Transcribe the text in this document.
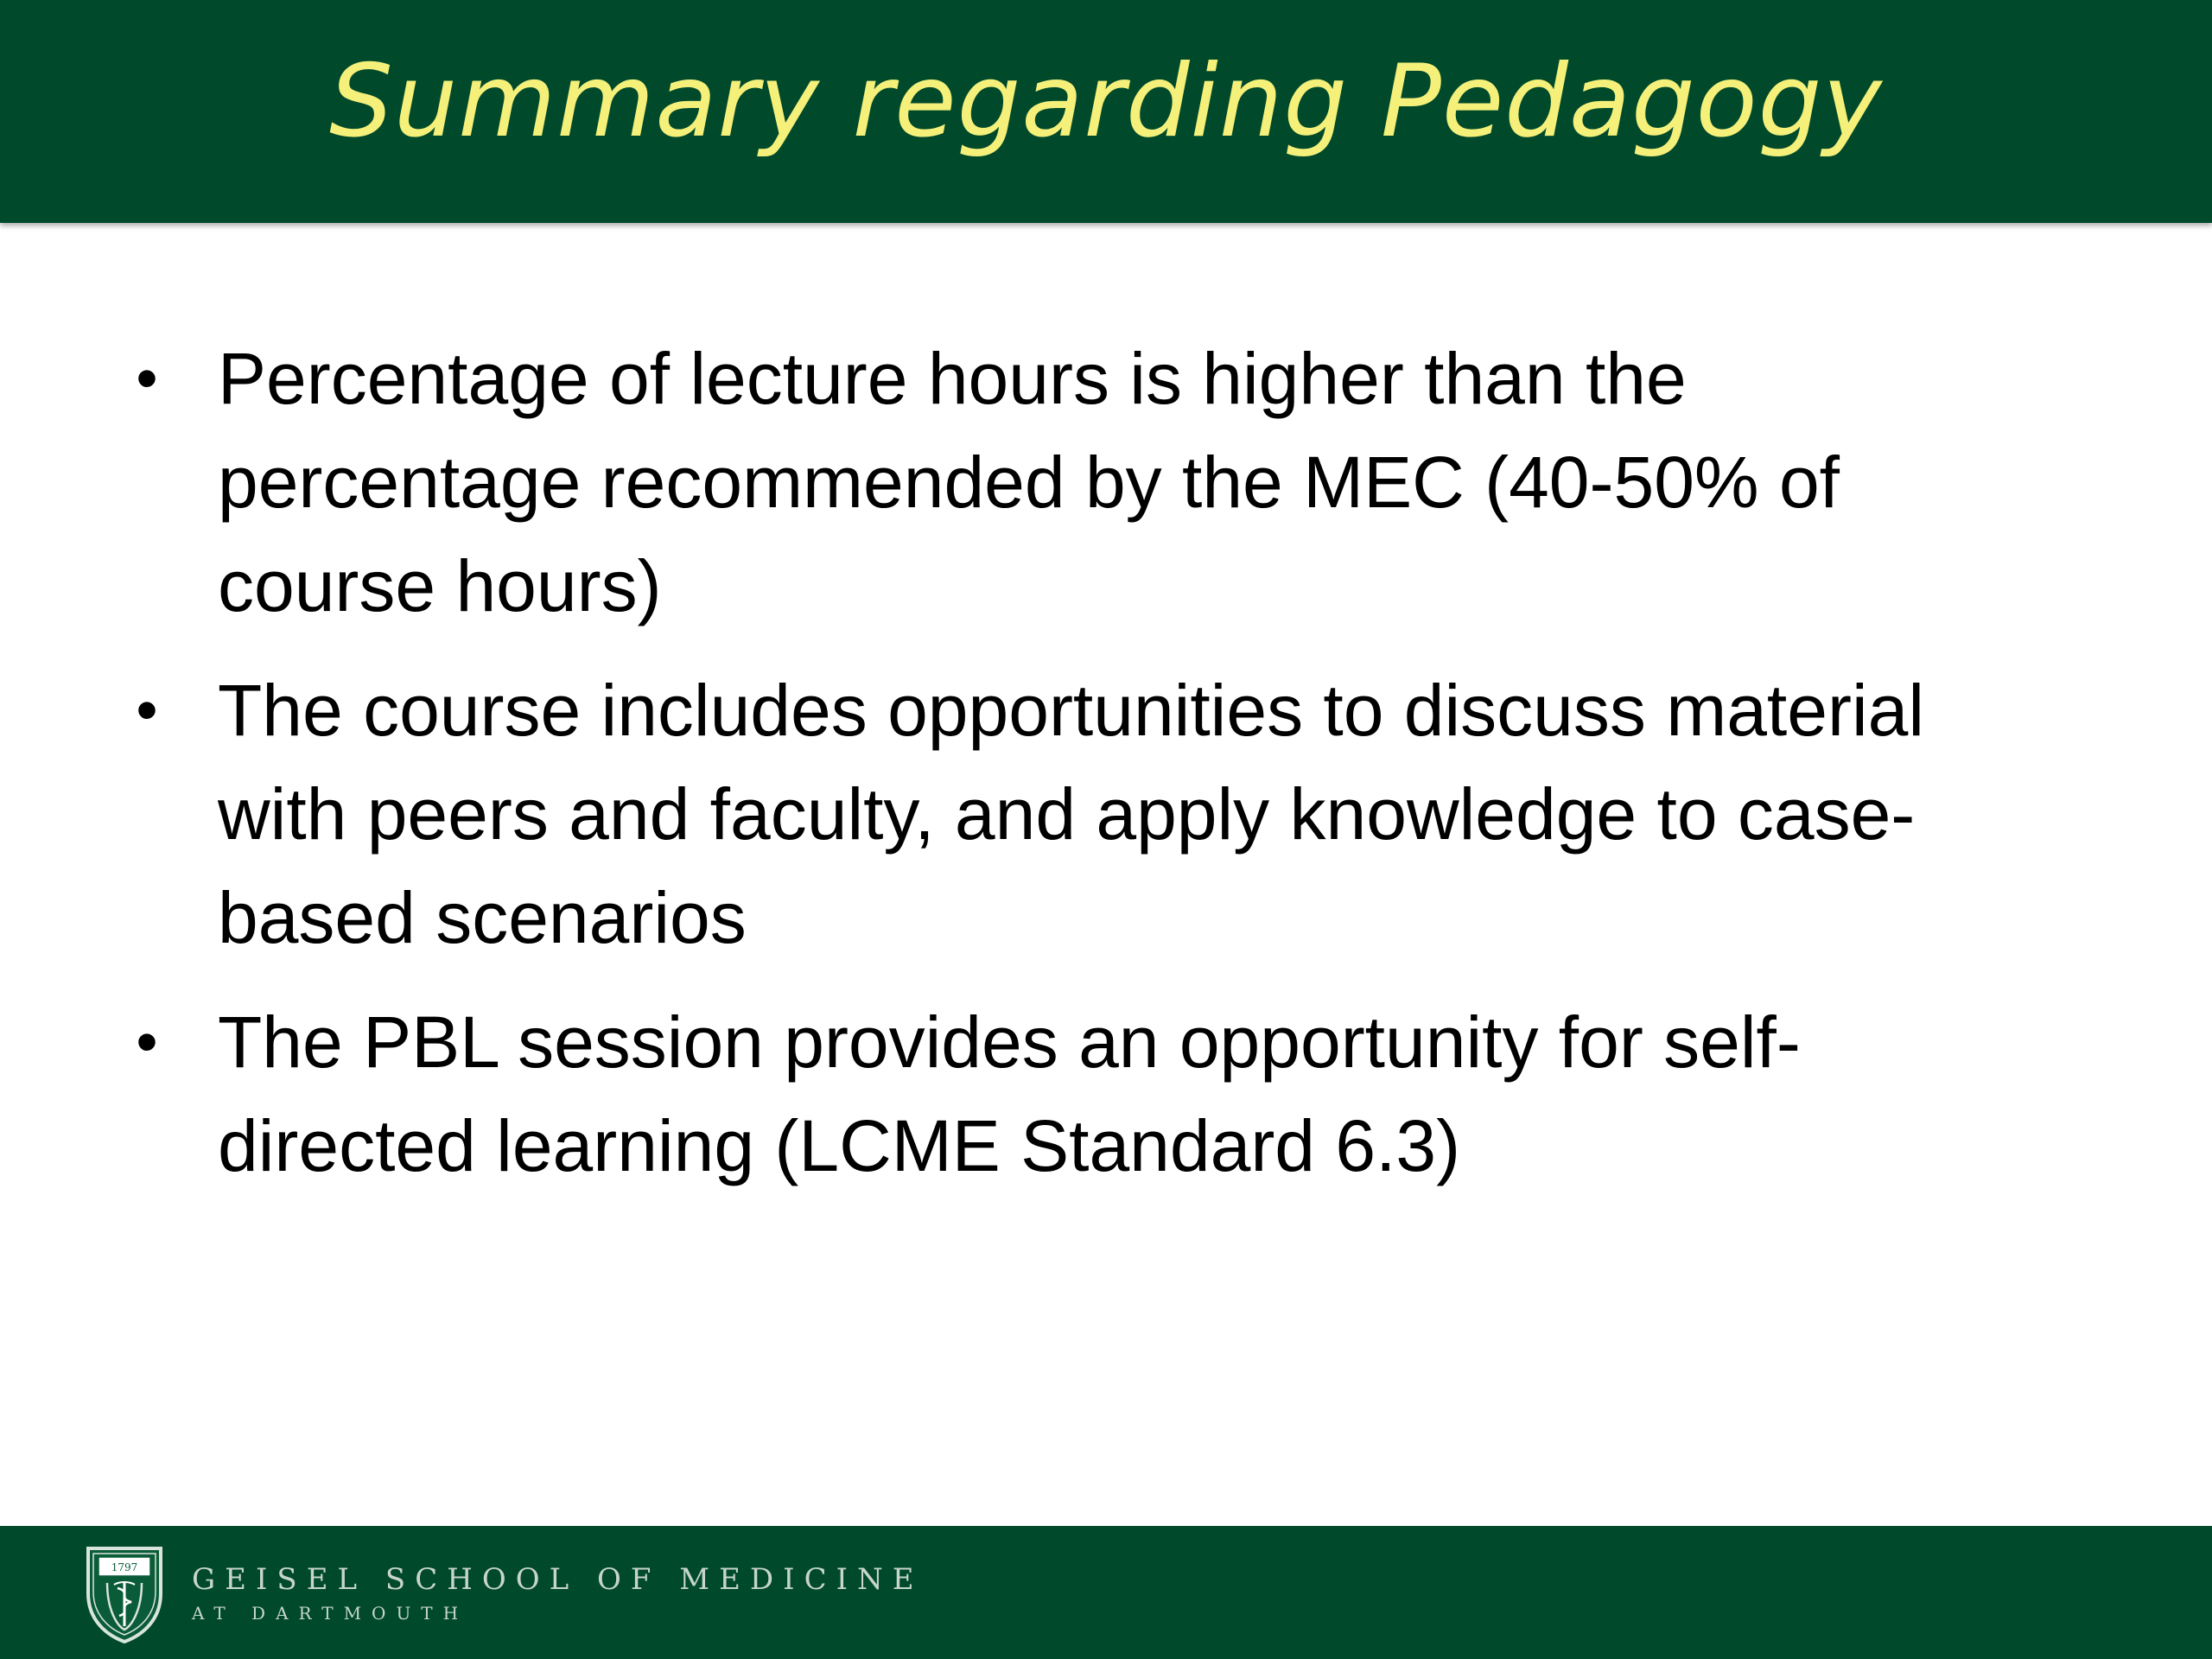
Summary regarding Pedagogy
• Percentage of lecture hours is higher than the
percentage recommended by the MEC (40-50% of
course hours)
• The course includes opportunities to discuss material
with peers and faculty, and apply knowledge to case-
based scenarios
• The PBL session provides an opportunity for self-
directed learning (LCME Standard 6.3)
1797 GEISEL SCHOOL OF MEDICINE
AT DARTMOUTH
